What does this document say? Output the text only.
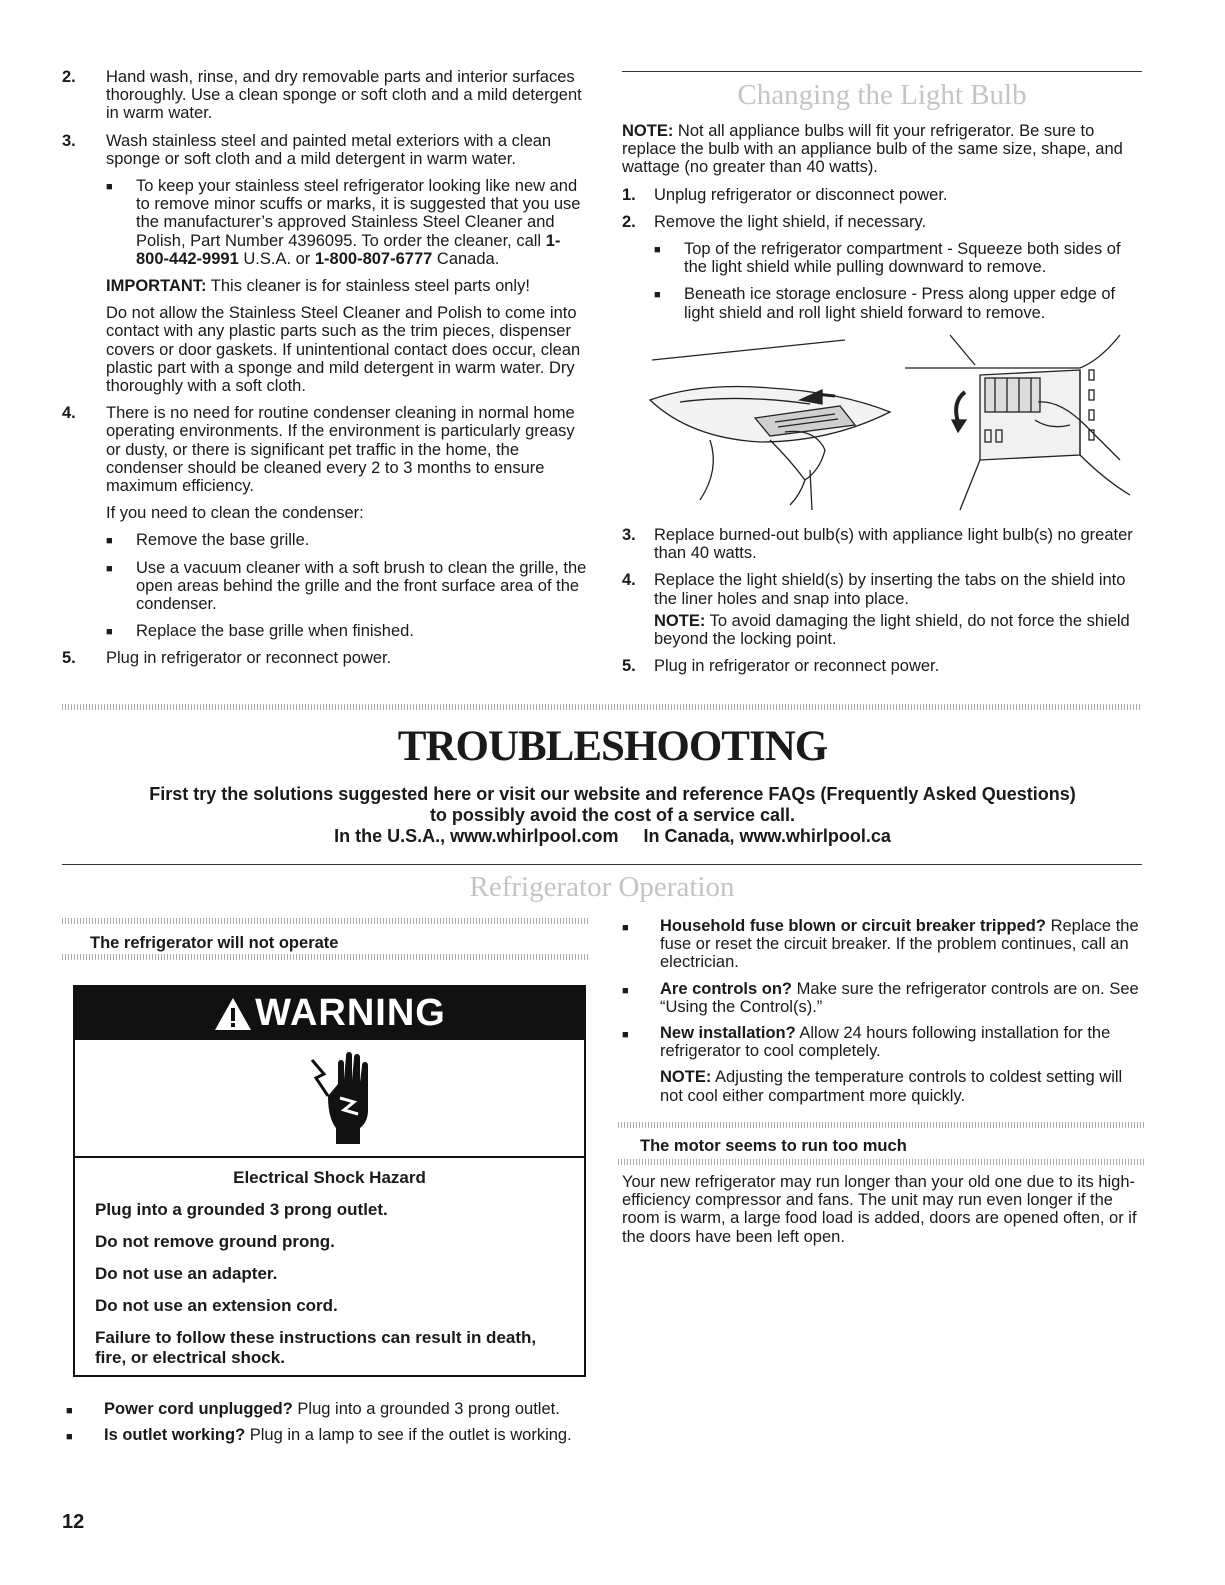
2. Hand wash, rinse, and dry removable parts and interior surfaces thoroughly. Use a clean sponge or soft cloth and a mild detergent in warm water.

3. Wash stainless steel and painted metal exteriors with a clean sponge or soft cloth and a mild detergent in warm water.

■ To keep your stainless steel refrigerator looking like new and to remove minor scuffs or marks, it is suggested that you use the manufacturer’s approved Stainless Steel Cleaner and Polish, Part Number 4396095. To order the cleaner, call 1-800-442-9991 U.S.A. or 1-800-807-6777 Canada.

IMPORTANT: This cleaner is for stainless steel parts only!

Do not allow the Stainless Steel Cleaner and Polish to come into contact with any plastic parts such as the trim pieces, dispenser covers or door gaskets. If unintentional contact does occur, clean plastic part with a sponge and mild detergent in warm water. Dry thoroughly with a soft cloth.

4. There is no need for routine condenser cleaning in normal home operating environments. If the environment is particularly greasy or dusty, or there is significant pet traffic in the home, the condenser should be cleaned every 2 to 3 months to ensure maximum efficiency.

If you need to clean the condenser:

■ Remove the base grille.

■ Use a vacuum cleaner with a soft brush to clean the grille, the open areas behind the grille and the front surface area of the condenser.

■ Replace the base grille when finished.

5. Plug in refrigerator or reconnect power.

Changing the Light Bulb

NOTE: Not all appliance bulbs will fit your refrigerator. Be sure to replace the bulb with an appliance bulb of the same size, shape, and wattage (no greater than 40 watts).

1. Unplug refrigerator or disconnect power.

2. Remove the light shield, if necessary.

■ Top of the refrigerator compartment - Squeeze both sides of the light shield while pulling downward to remove.

■ Beneath ice storage enclosure - Press along upper edge of light shield and roll light shield forward to remove.

3. Replace burned-out bulb(s) with appliance light bulb(s) no greater than 40 watts.

4. Replace the light shield(s) by inserting the tabs on the shield into the liner holes and snap into place.

NOTE: To avoid damaging the light shield, do not force the shield beyond the locking point.

5. Plug in refrigerator or reconnect power.

TROUBLESHOOTING

First try the solutions suggested here or visit our website and reference FAQs (Frequently Asked Questions)

to possibly avoid the cost of a service call.

In the U.S.A., www.whirlpool.com     In Canada, www.whirlpool.ca

Refrigerator Operation
The refrigerator will not operate
WARNING

Electrical Shock Hazard

Plug into a grounded 3 prong outlet.

Do not remove ground prong.

Do not use an adapter.

Do not use an extension cord.

Failure to follow these instructions can result in death, fire, or electrical shock.

■ Power cord unplugged? Plug into a grounded 3 prong outlet.

■ Is outlet working? Plug in a lamp to see if the outlet is working.

■ Household fuse blown or circuit breaker tripped? Replace the fuse or reset the circuit breaker. If the problem continues, call an electrician.

■ Are controls on? Make sure the refrigerator controls are on. See “Using the Control(s).”

■ New installation? Allow 24 hours following installation for the refrigerator to cool completely.

NOTE: Adjusting the temperature controls to coldest setting will not cool either compartment more quickly.

The motor seems to run too much

Your new refrigerator may run longer than your old one due to its high-efficiency compressor and fans. The unit may run even longer if the room is warm, a large food load is added, doors are opened often, or if the doors have been left open.

12
